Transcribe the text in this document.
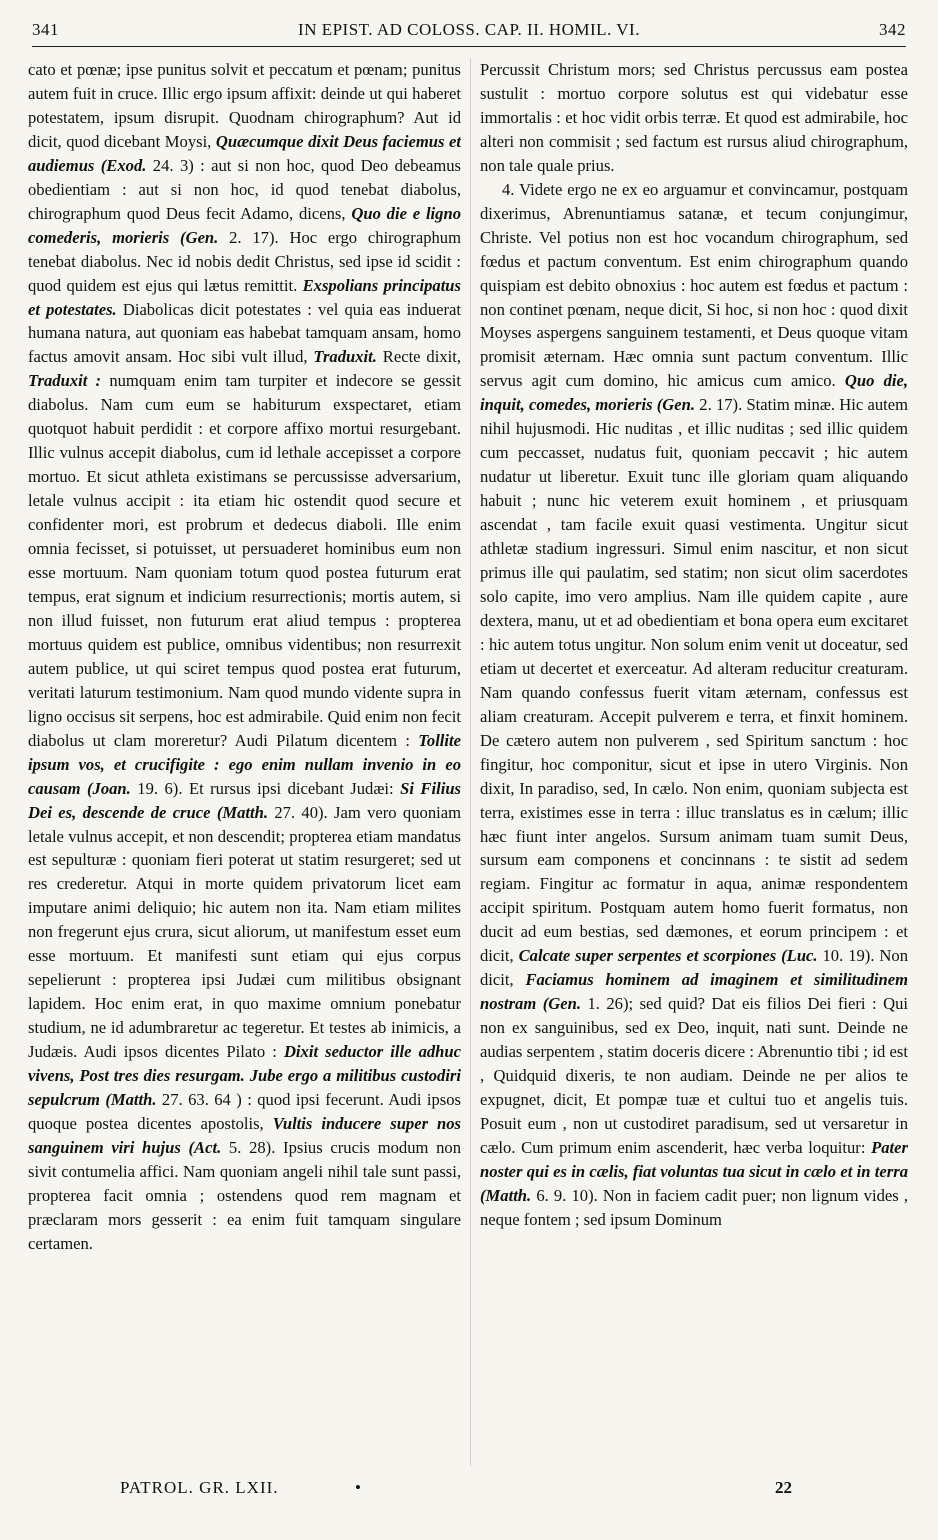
341	IN EPIST. AD COLOSS. CAP. II. HOMIL. VI.	342

cato et pœnæ; ipse punitus solvit et peccatum et pœnam; punitus autem fuit in cruce. Illic ergo ipsum affixit: deinde ut qui haberet potestatem, ipsum disrupit. Quodnam chirographum? Aut id dicit, quod dicebant Moysi, Quæcumque dixit Deus faciemus et audiemus (Exod. 24. 3) : aut si non hoc, quod Deo debeamus obedientiam : aut si non hoc, id quod tenebat diabolus, chirographum quod Deus fecit Adamo, dicens, Quo die e ligno comederis, morieris (Gen. 2. 17). Hoc ergo chirographum tenebat diabolus. Nec id nobis dedit Christus, sed ipse id scidit : quod quidem est ejus qui lætus remittit. Exspolians principatus et potestates. Diabolicas dicit potestates : vel quia eas induerat humana natura, aut quoniam eas habebat tamquam ansam, homo factus amovit ansam. Hoc sibi vult illud, Traduxit. Recte dixit, Traduxit : numquam enim tam turpiter et indecore se gessit diabolus. Nam cum eum se habiturum exspectaret, etiam quotquot habuit perdidit : et corpore affixo mortui resurgebant. Illic vulnus accepit diabolus, cum id lethale accepisset a corpore mortuo. Et sicut athleta existimans se percussisse adversarium, letale vulnus accipit : ita etiam hic ostendit quod secure et confidenter mori, est probrum et dedecus diaboli. Ille enim omnia fecisset, si potuisset, ut persuaderet hominibus eum non esse mortuum. Nam quoniam totum quod postea futurum erat tempus, erat signum et indicium resurrectionis; mortis autem, si non illud fuisset, non futurum erat aliud tempus : propterea mortuus quidem est publice, omnibus videntibus; non resurrexit autem publice, ut qui sciret tempus quod postea erat futurum, veritati laturum testimonium. Nam quod mundo vidente supra in ligno occisus sit serpens, hoc est admirabile. Quid enim non fecit diabolus ut clam moreretur? Audi Pilatum dicentem : Tollite ipsum vos, et crucifigite : ego enim nullam invenio in eo causam (Joan. 19. 6). Et rursus ipsi dicebant Judæi: Si Filius Dei es, descende de cruce (Matth. 27. 40). Jam vero quoniam letale vulnus accepit, et non descendit; propterea etiam mandatus est sepulturæ : quoniam fieri poterat ut statim resurgeret; sed ut res crederetur. Atqui in morte quidem privatorum licet eam imputare animi deliquio; hic autem non ita. Nam etiam milites non fregerunt ejus crura, sicut aliorum, ut manifestum esset eum esse mortuum. Et manifesti sunt etiam qui ejus corpus sepelierunt : propterea ipsi Judæi cum militibus obsignant lapidem. Hoc enim erat, in quo maxime omnium ponebatur studium, ne id adumbraretur ac tegeretur. Et testes ab inimicis, a Judæis. Audi ipsos dicentes Pilato : Dixit seductor ille adhuc vivens, Post tres dies resurgam. Jube ergo a militibus custodiri sepulcrum (Matth. 27. 63. 64 ) : quod ipsi fecerunt. Audi ipsos quoque postea dicentes apostolis, Vultis inducere super nos sanguinem viri hujus (Act. 5. 28). Ipsius crucis modum non sivit contumelia affici. Nam quoniam angeli nihil tale sunt passi, propterea facit omnia ; ostendens quod rem magnam et præclaram mors gesserit : ea enim fuit tamquam singulare certamen.

Percussit Christum mors; sed Christus percussus eam postea sustulit : mortuo corpore solutus est qui videbatur esse immortalis : et hoc vidit orbis terræ. Et quod est admirabile, hoc alteri non commisit ; sed factum est rursus aliud chirographum, non tale quale prius.

4. Videte ergo ne ex eo arguamur et convincamur, postquam dixerimus, Abrenuntiamus satanæ, et tecum conjungimur, Christe. Vel potius non est hoc vocandum chirographum, sed fœdus et pactum conventum. Est enim chirographum quando quispiam est debito obnoxius : hoc autem est fœdus et pactum : non continet pœnam, neque dicit, Si hoc, si non hoc : quod dixit Moyses aspergens sanguinem testamenti, et Deus quoque vitam promisit æternam. Hæc omnia sunt pactum conventum. Illic servus agit cum domino, hic amicus cum amico. Quo die, inquit, comedes, morieris (Gen. 2. 17). Statim minæ. Hic autem nihil hujusmodi. Hic nuditas , et illic nuditas ; sed illic quidem cum peccasset, nudatus fuit, quoniam peccavit ; hic autem nudatur ut liberetur. Exuit tunc ille gloriam quam aliquando habuit ; nunc hic veterem exuit hominem , et priusquam ascendat , tam facile exuit quasi vestimenta. Ungitur sicut athletæ stadium ingressuri. Simul enim nascitur, et non sicut primus ille qui paulatim, sed statim; non sicut olim sacerdotes solo capite, imo vero amplius. Nam ille quidem capite , aure dextera, manu, ut et ad obedientiam et bona opera eum excitaret : hic autem totus ungitur. Non solum enim venit ut doceatur, sed etiam ut decertet et exerceatur. Ad alteram reducitur creaturam. Nam quando confessus fuerit vitam æternam, confessus est aliam creaturam. Accepit pulverem e terra, et finxit hominem. De cætero autem non pulverem , sed Spiritum sanctum : hoc fingitur, hoc componitur, sicut et ipse in utero Virginis. Non dixit, In paradiso, sed, In cælo. Non enim, quoniam subjecta est terra, existimes esse in terra : illuc translatus es in cælum; illic hæc fiunt inter angelos. Sursum animam tuam sumit Deus, sursum eam componens et concinnans : te sistit ad sedem regiam. Fingitur ac formatur in aqua, animæ respondentem accipit spiritum. Postquam autem homo fuerit formatus, non ducit ad eum bestias, sed dæmones, et eorum principem : et dicit, Calcate super serpentes et scorpiones (Luc. 10. 19). Non dicit, Faciamus hominem ad imaginem et similitudinem nostram (Gen. 1. 26); sed quid? Dat eis filios Dei fieri : Qui non ex sanguinibus, sed ex Deo, inquit, nati sunt. Deinde ne audias serpentem , statim doceris dicere : Abrenuntio tibi ; id est , Quidquid dixeris, te non audiam. Deinde ne per alios te expugnet, dicit, Et pompæ tuæ et cultui tuo et angelis tuis. Posuit eum , non ut custodiret paradisum, sed ut versaretur in cælo. Cum primum enim ascenderit, hæc verba loquitur: Pater noster qui es in cælis, fiat voluntas tua sicut in cælo et in terra (Matth. 6. 9. 10). Non in faciem cadit puer; non lignum vides , neque fontem ; sed ipsum Dominum

PATROL. GR. LXII.	•	22
